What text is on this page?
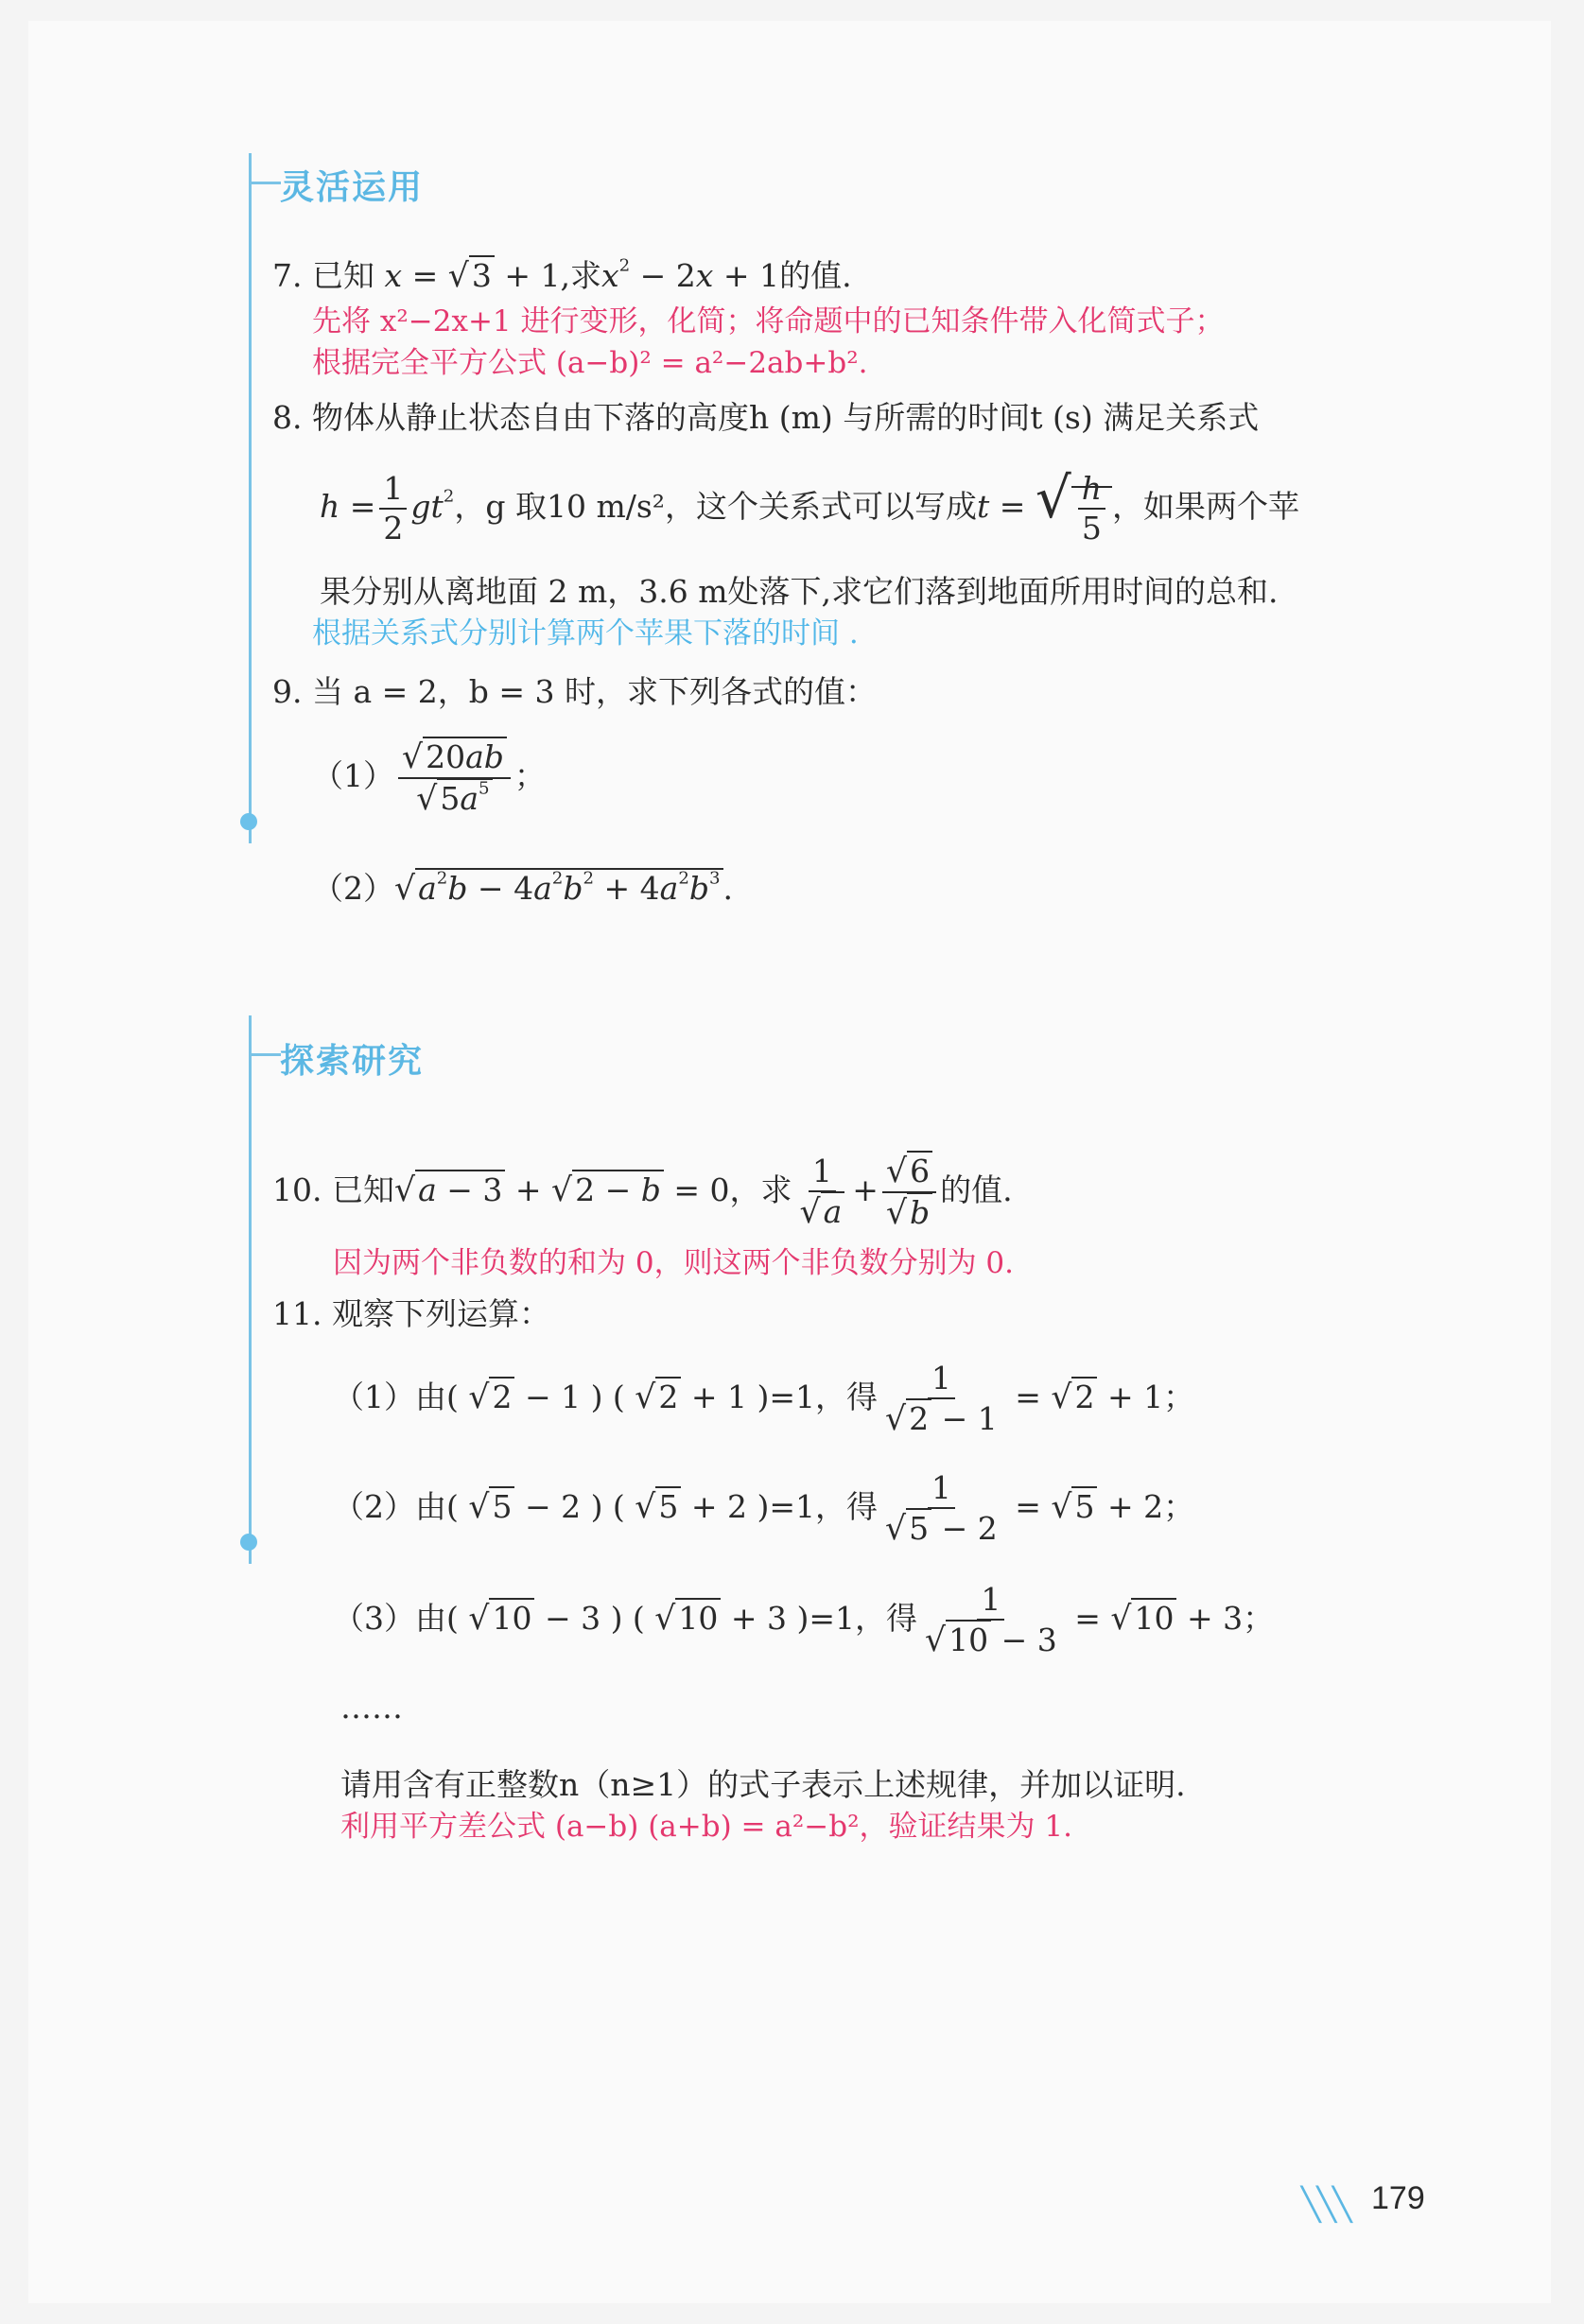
灵活运用
7. 已知 x = √3 + 1,求$x^2 - 2x + 1$的值.
先将 x²−2x+1 进行变形，化简；将命题中的已知条件带入化简式子；
根据完全平方公式 (a−b)² = a²−2ab+b².
8. 物体从静止状态自由下落的高度h (m) 与所需的时间t (s) 满足关系式
$h = \frac{1}{2} gt^2$，g 取10 m/s²，这个关系式可以写成t = √ $\frac{h}{5}$ ，如果两个苹
果分别从离地面 2 m，3.6 m处落下,求它们落到地面所用时间的总和.
根据关系式分别计算两个苹果下落的时间 .
9. 当 a = 2，b = 3 时，求下列各式的值：
$(1) \frac{√20ab}{√5a^5}$ ；
$(2)√a^2b - 4a^2b^2 + 4a^2b^3$.
探索研究
10. 已知√a − 3 + √2 − b = 0，求 $\frac{1}{√a} + \frac{√6}{√b}$ 的值.
因为两个非负数的和为 0，则这两个非负数分别为 0.
11. 观察下列运算：
（1）由( √2 − 1 ) ( √2 + 1 )=1，得 $\frac{1}{√2 - 1} = √2 + 1$；
（2）由( √5 − 2 ) ( √5 + 2 )=1，得 $\frac{1}{√5 - 2} = √5 + 2$；
（3）由( √10 − 3 ) ( √10 + 3 )=1，得 $\frac{1}{√10 - 3} = √10 + 3$；
……
请用含有正整数n（n≥1）的式子表示上述规律，并加以证明.
利用平方差公式 (a−b) (a+b) = a²−b²，验证结果为 1.
╲╲╲ 179
